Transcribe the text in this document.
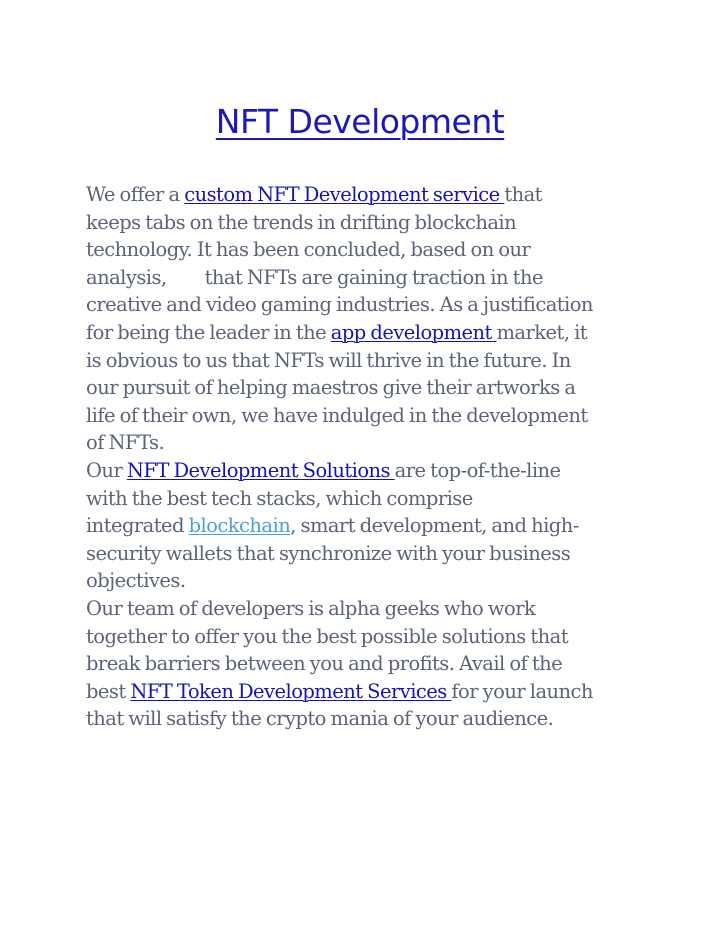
NFT Development

We offer a custom NFT Development service that
keeps tabs on the trends in drifting blockchain
technology. It has been concluded, based on our
analysis, that NFTs are gaining traction in the
creative and video gaming industries. As a justification
for being the leader in the app development market, it
is obvious to us that NFTs will thrive in the future. In
our pursuit of helping maestros give their artworks a
life of their own, we have indulged in the development
of NFTs.

Our NFT Development Solutions are top-of-the-line
with the best tech stacks, which comprise
integrated blockchain, smart development, and high-
security wallets that synchronize with your business
objectives.

Our team of developers is alpha geeks who work
together to offer you the best possible solutions that
break barriers between you and profits. Avail of the
best NFT Token Development Services for your launch
that will satisfy the crypto mania of your audience.
